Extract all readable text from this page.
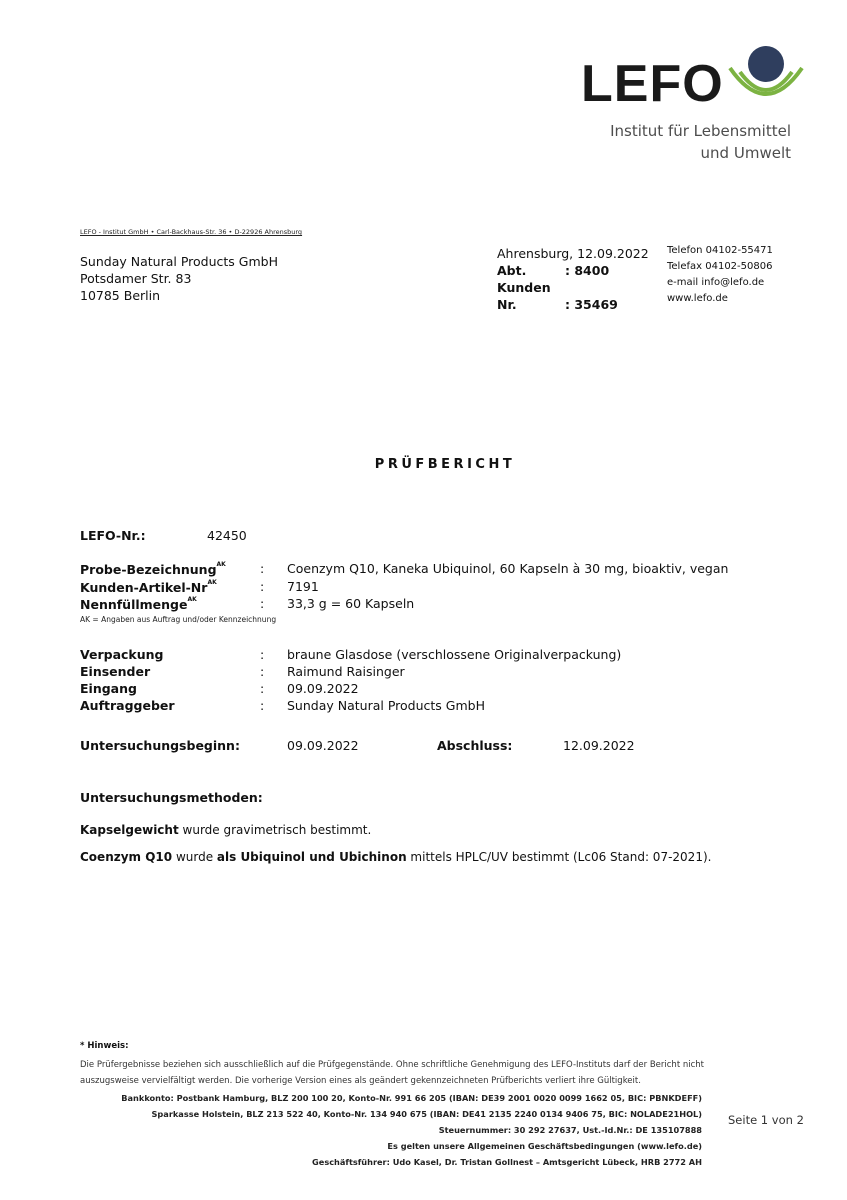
LEFO
Institut für Lebensmittel
und Umwelt
LEFO - Institut GmbH • Carl-Backhaus-Str. 36 • D-22926 Ahrensburg
Sunday Natural Products GmbH
Potsdamer Str. 83
10785 Berlin
Ahrensburg, 12.09.2022
Abt.	: 8400
Kunden Nr.	: 35469
Telefon 04102-55471
Telefax 04102-50806
e-mail info@lefo.de
www.lefo.de
PRÜFBERICHT
LEFO-Nr.:	42450
Probe-Bezeichnung$^{AK}$	: Coenzym Q10, Kaneka Ubiquinol, 60 Kapseln à 30 mg, bioaktiv, vegan
Kunden-$Artikel-Nr^{AK}$	: 7191
Nennfüllmenge$^{AK}$	: 33,3 g = 60 Kapseln
AK = Angaben aus Auftrag und/oder Kennzeichnung
Verpackung	: braune Glasdose (verschlossene Originalverpackung)
Einsender	: Raimund Raisinger
Eingang	: 09.09.2022
Auftraggeber	: Sunday Natural Products GmbH
Untersuchungsbeginn:	09.09.2022	Abschluss:	12.09.2022
Untersuchungsmethoden:
Kapselgewicht wurde gravimetrisch bestimmt.
Coenzym Q10 wurde als Ubiquinol und Ubichinon mittels HPLC/UV bestimmt (Lc06 Stand: 07-2021).
* Hinweis:
Die Prüfergebnisse beziehen sich ausschließlich auf die Prüfgegenstände. Ohne schriftliche Genehmigung des LEFO-Instituts darf der Bericht nicht auszugsweise vervielfältigt werden. Die vorherige Version eines als geändert gekennzeichneten Prüfberichts verliert ihre Gültigkeit.
Bankkonto: Postbank Hamburg, BLZ 200 100 20, Konto-Nr. 991 66 205 (IBAN: DE39 2001 0020 0099 1662 05, BIC: PBNKDEFF)
Sparkasse Holstein, BLZ 213 522 40, Konto-Nr. 134 940 675 (IBAN: DE41 2135 2240 0134 9406 75, BIC: NOLADE21HOL)
Steuernummer: 30 292 27637, Ust.-Id.Nr.: DE 135107888
Es gelten unsere Allgemeinen Geschäftsbedingungen (www.lefo.de)
Geschäftsführer: Udo Kasel, Dr. Tristan Gollnest – Amtsgericht Lübeck, HRB 2772 AH
Seite 1 von 2
